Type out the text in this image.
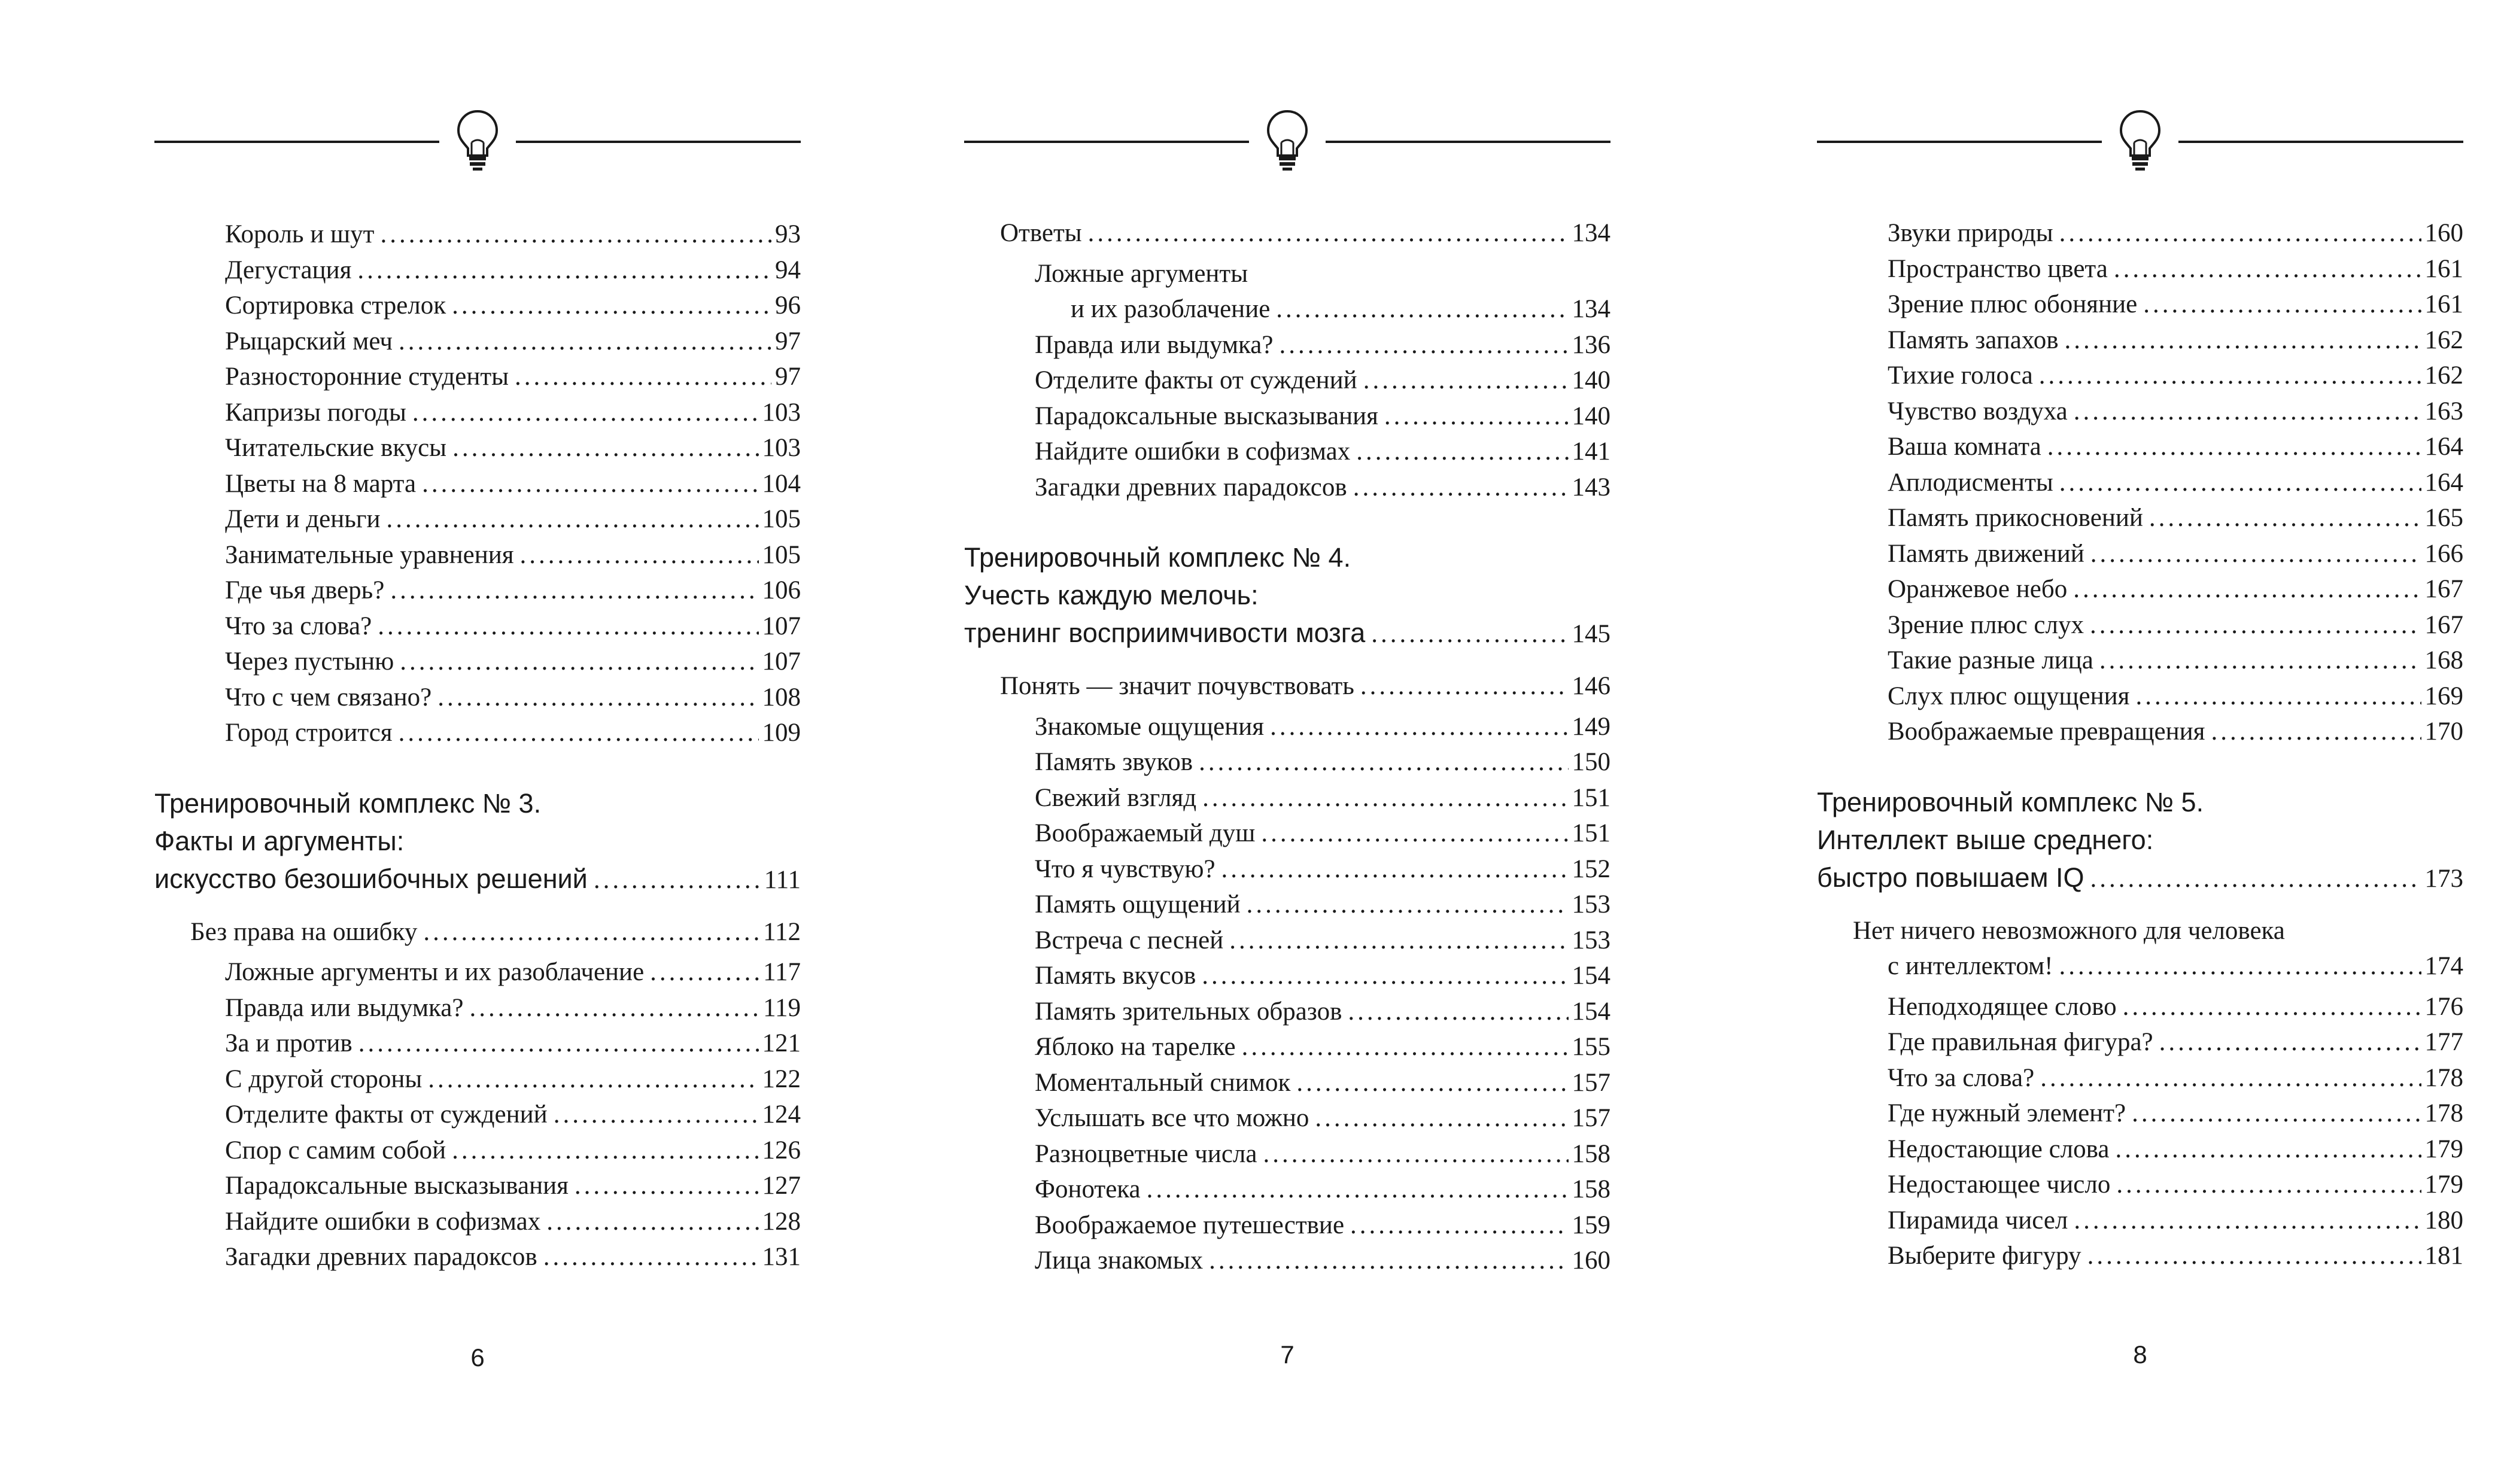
Король и шут .....	93
Дегустация .....	94
Сортировка стрелок .....	96
Рыцарский меч .....	97
Разносторонние студенты .....	97
Капризы погоды .....	103
Читательские вкусы .....	103
Цветы на 8 марта .....	104
Дети и деньги .....	105
Занимательные уравнения .....	105
Где чья дверь? .....	106
Что за слова? .....	107
Через пустыню .....	107
Что с чем связано? .....	108
Город строится .....	109
Тренировочный комплекс № 3.
Факты и аргументы:
искусство безошибочных решений .....	111
Без права на ошибку .....	112
Ложные аргументы и их разоблачение .....	117
Правда или выдумка? .....	119
За и против .....	121
С другой стороны .....	122
Отделите факты от суждений .....	124
Спор с самим собой .....	126
Парадоксальные высказывания .....	127
Найдите ошибки в софизмах .....	128
Загадки древних парадоксов .....	131
6
Ответы .....	134
Ложные аргументы
и их разоблачение .....	134
Правда или выдумка? .....	136
Отделите факты от суждений .....	140
Парадоксальные высказывания .....	140
Найдите ошибки в софизмах .....	141
Загадки древних парадоксов .....	143
Тренировочный комплекс № 4.
Учесть каждую мелочь:
тренинг восприимчивости мозга .....	145
Понять — значит почувствовать .....	146
Знакомые ощущения .....	149
Память звуков .....	150
Свежий взгляд .....	151
Воображаемый душ .....	151
Что я чувствую? .....	152
Память ощущений .....	153
Встреча с песней .....	153
Память вкусов .....	154
Память зрительных образов .....	154
Яблоко на тарелке .....	155
Моментальный снимок .....	157
Услышать все что можно .....	157
Разноцветные числа .....	158
Фонотека .....	158
Воображаемое путешествие .....	159
Лица знакомых .....	160
7
Звуки природы .....	160
Пространство цвета .....	161
Зрение плюс обоняние .....	161
Память запахов .....	162
Тихие голоса .....	162
Чувство воздуха .....	163
Ваша комната .....	164
Аплодисменты .....	164
Память прикосновений .....	165
Память движений .....	166
Оранжевое небо .....	167
Зрение плюс слух .....	167
Такие разные лица .....	168
Слух плюс ощущения .....	169
Воображаемые превращения .....	170
Тренировочный комплекс № 5.
Интеллект выше среднего:
быстро повышаем IQ .....	173
Нет ничего невозможного для человека
с интеллектом! .....	174
Неподходящее слово .....	176
Где правильная фигура? .....	177
Что за слова? .....	178
Где нужный элемент? .....	178
Недостающие слова .....	179
Недостающее число .....	179
Пирамида чисел .....	180
Выберите фигуру .....	181
8
